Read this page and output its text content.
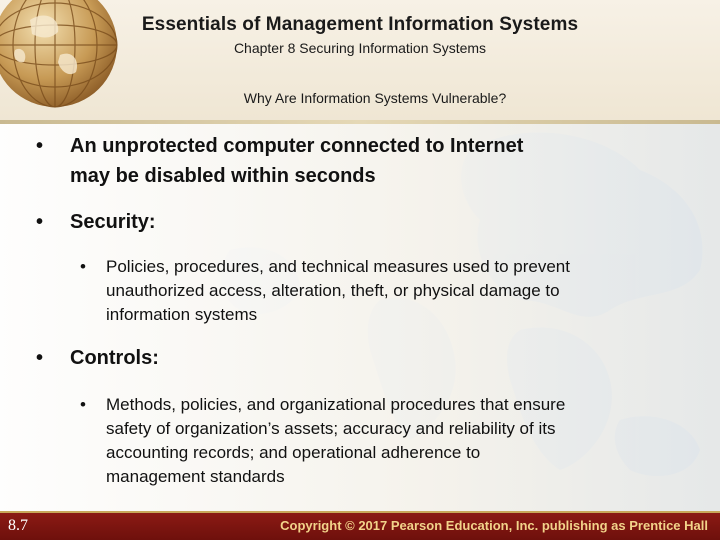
Essentials of Management Information Systems
Chapter 8 Securing Information Systems
Why Are Information Systems Vulnerable?
• An unprotected computer connected to Internet
may be disabled within seconds
• Security:
• Policies, procedures, and technical measures used to prevent
unauthorized access, alteration, theft, or physical damage to
information systems
• Controls:
• Methods, policies, and organizational procedures that ensure
safety of organization’s assets; accuracy and reliability of its
accounting records; and operational adherence to
management standards
8.7	Copyright © 2017 Pearson Education, Inc. publishing as Prentice Hall
